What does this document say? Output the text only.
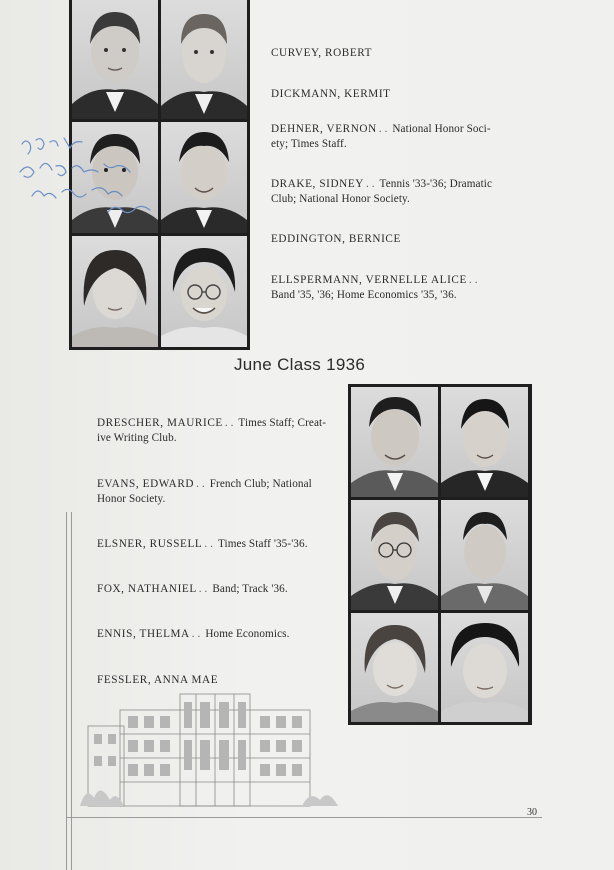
CURVEY, ROBERT
DICKMANN, KERMIT
DEHNER, VERNON . . National Honor Soci-
ety; Times Staff.
DRAKE, SIDNEY . . Tennis '33-'36; Dramatic
Club; National Honor Society.
EDDINGTON, BERNICE
ELLSPERMANN, VERNELLE ALICE . .
Band '35, '36; Home Economics '35, '36.
June Class 1936
DRESCHER, MAURICE . . Times Staff; Creat-
ive Writing Club.
EVANS, EDWARD . . French Club; National
Honor Society.
ELSNER, RUSSELL . . Times Staff '35-'36.
FOX, NATHANIEL . . Band; Track '36.
ENNIS, THELMA . . Home Economics.
FESSLER, ANNA MAE
30
